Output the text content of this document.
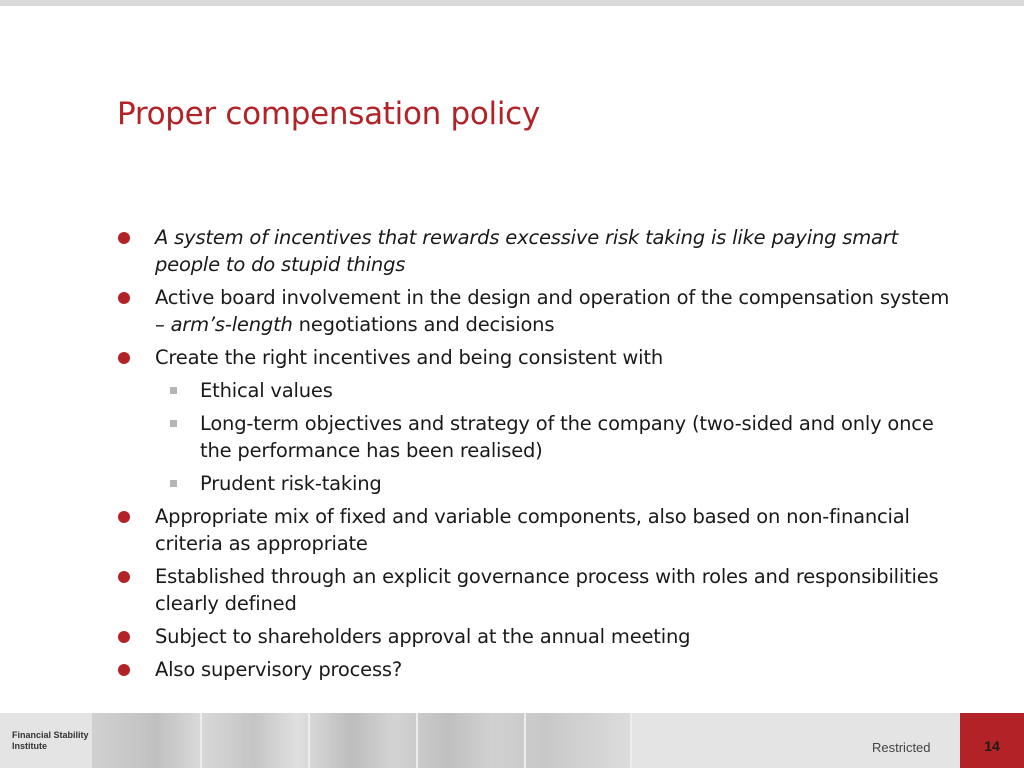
Proper compensation policy
A system of incentives that rewards excessive risk taking is like paying smart people to do stupid things
Active board involvement in the design and operation of the compensation system – arm’s-length negotiations and decisions
Create the right incentives and being consistent with
Ethical values
Long-term objectives and strategy of the company (two-sided and only once the performance has been realised)
Prudent risk-taking
Appropriate mix of fixed and variable components, also based on non-financial criteria as appropriate
Established through an explicit governance process with roles and responsibilities clearly defined
Subject to shareholders approval at the annual meeting
Also supervisory process?
Financial Stability
Institute	Restricted	14
